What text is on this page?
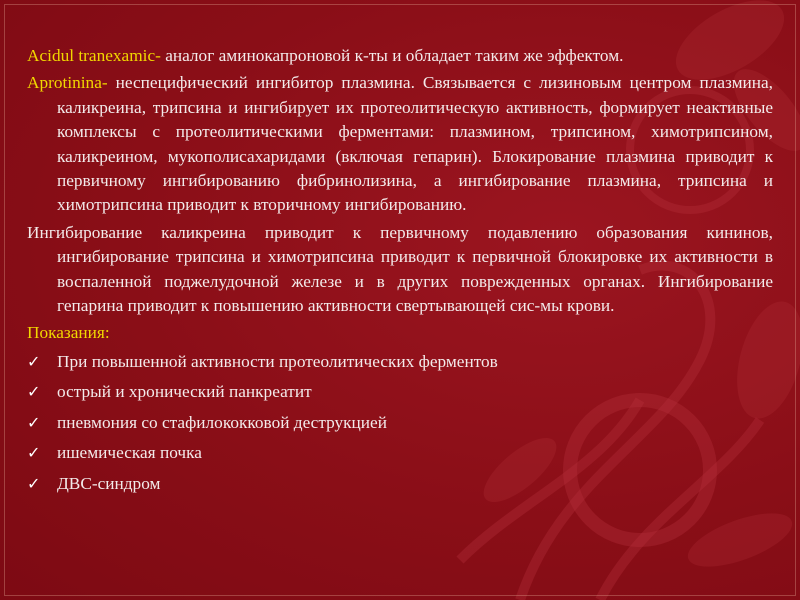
Acidul tranexamic- аналог аминокапроновой к-ты и обладает таким же эффектом.

Aprotinina- неспецифический ингибитор плазмина. Связывается с лизиновым центром плазмина, каликреина, трипсина и ингибирует их протеолитическую активность, формирует неактивные комплексы с протеолитическими ферментами: плазмином, трипсином, химотрипсином, каликреином, мукополисахаридами (включая гепарин). Блокирование плазмина приводит к первичному ингибированию фибринолизина, а ингибирование плазмина, трипсина и химотрипсина приводит к вторичному ингибированию.

Ингибирование каликреина приводит к первичному подавлению образования кининов, ингибирование трипсина и химотрипсина приводит к первичной блокировке их активности в воспаленной поджелудочной железе и в других поврежденных органах. Ингибирование гепарина приводит к повышению активности свертывающей сис-мы крови.

Показания:

✓ При повышенной активности протеолитических ферментов
✓ острый и хронический панкреатит
✓ пневмония со стафилококковой деструкцией
✓ ишемическая почка
✓ ДВС-синдром
